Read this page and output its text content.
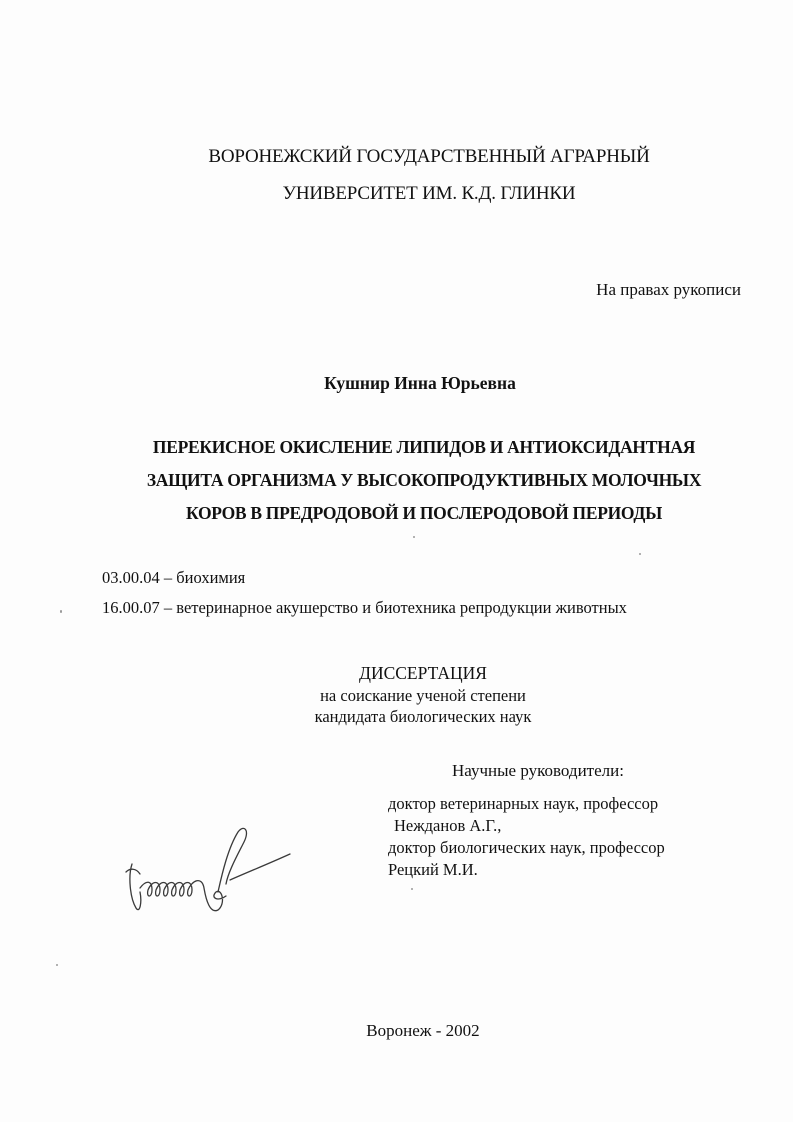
ВОРОНЕЖСКИЙ ГОСУДАРСТВЕННЫЙ АГРАРНЫЙ
УНИВЕРСИТЕТ ИМ. К.Д. ГЛИНКИ
На правах рукописи
Кушнир Инна Юрьевна
ПЕРЕКИСНОЕ ОКИСЛЕНИЕ ЛИПИДОВ И АНТИОКСИДАНТНАЯ
ЗАЩИТА ОРГАНИЗМА У ВЫСОКОПРОДУКТИВНЫХ МОЛОЧНЫХ
КОРОВ В ПРЕДРОДОВОЙ И ПОСЛЕРОДОВОЙ ПЕРИОДЫ
03.00.04 – биохимия
16.00.07 – ветеринарное акушерство и биотехника репродукции животных
ДИССЕРТАЦИЯ
на соискание ученой степени
кандидата биологических наук
Научные руководители:
доктор ветеринарных наук, профессор
Нежданов А.Г.,
доктор биологических наук, профессор
Рецкий М.И.
Воронеж - 2002
